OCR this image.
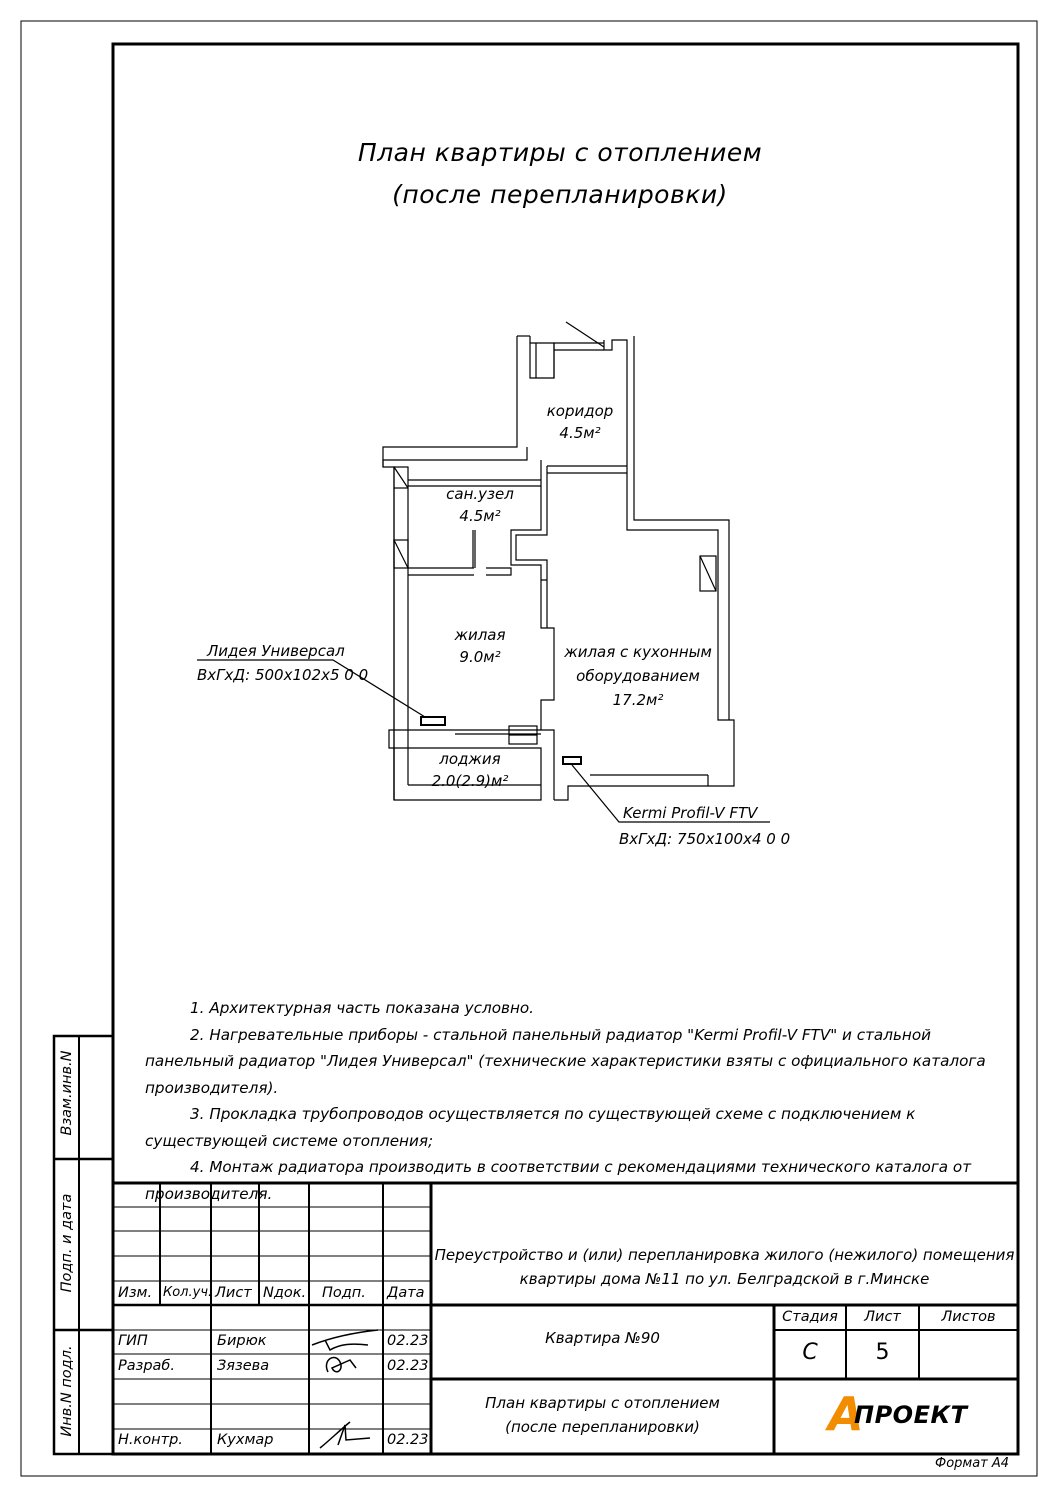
План квартиры с отоплением
(после перепланировки)
коридор
4.5м²
сан.узел
4.5м²
жилая
9.0м²	жилая с кухонным
оборудованием
17.2м²
лоджия
2.0(2.9)м²
Лидея Универсал
ВхГхД: 500х102х5 0 0
Kermi Profil-V FTV
ВхГхД: 750х100х4 0 0

1. Архитектурная часть показана условно.

2. Нагревательные приборы - стальной панельный радиатор "Kermi Profil-V FTV" и стальной панельный радиатор "Лидея Универсал" (технические характеристики взяты с официального каталога производителя).

3. Прокладка трубопроводов осуществляется по существующей схеме с подключением к существующей системе отопления;

4. Монтаж радиатора производить в соответствии с рекомендациями технического каталога от производителя.

Взам.инв.N
Подп. и дата
Инв.N подл.
Изм. Кол.уч. Лист Nдок. Подп. Дата
ГИП	Бирюк	02.23
Разраб.	Зязева	02.23
Н.контр. Кухмар	02.23
Переустройство и (или) перепланировка жилого (нежилого) помещения
квартиры дома №11 по ул. Белградской в г.Минске
Квартира №90
План квартиры с отоплением
(после перепланировки)
Стадия	Лист	Листов
С	5
А
ПРОЕКТ
Формат А4
